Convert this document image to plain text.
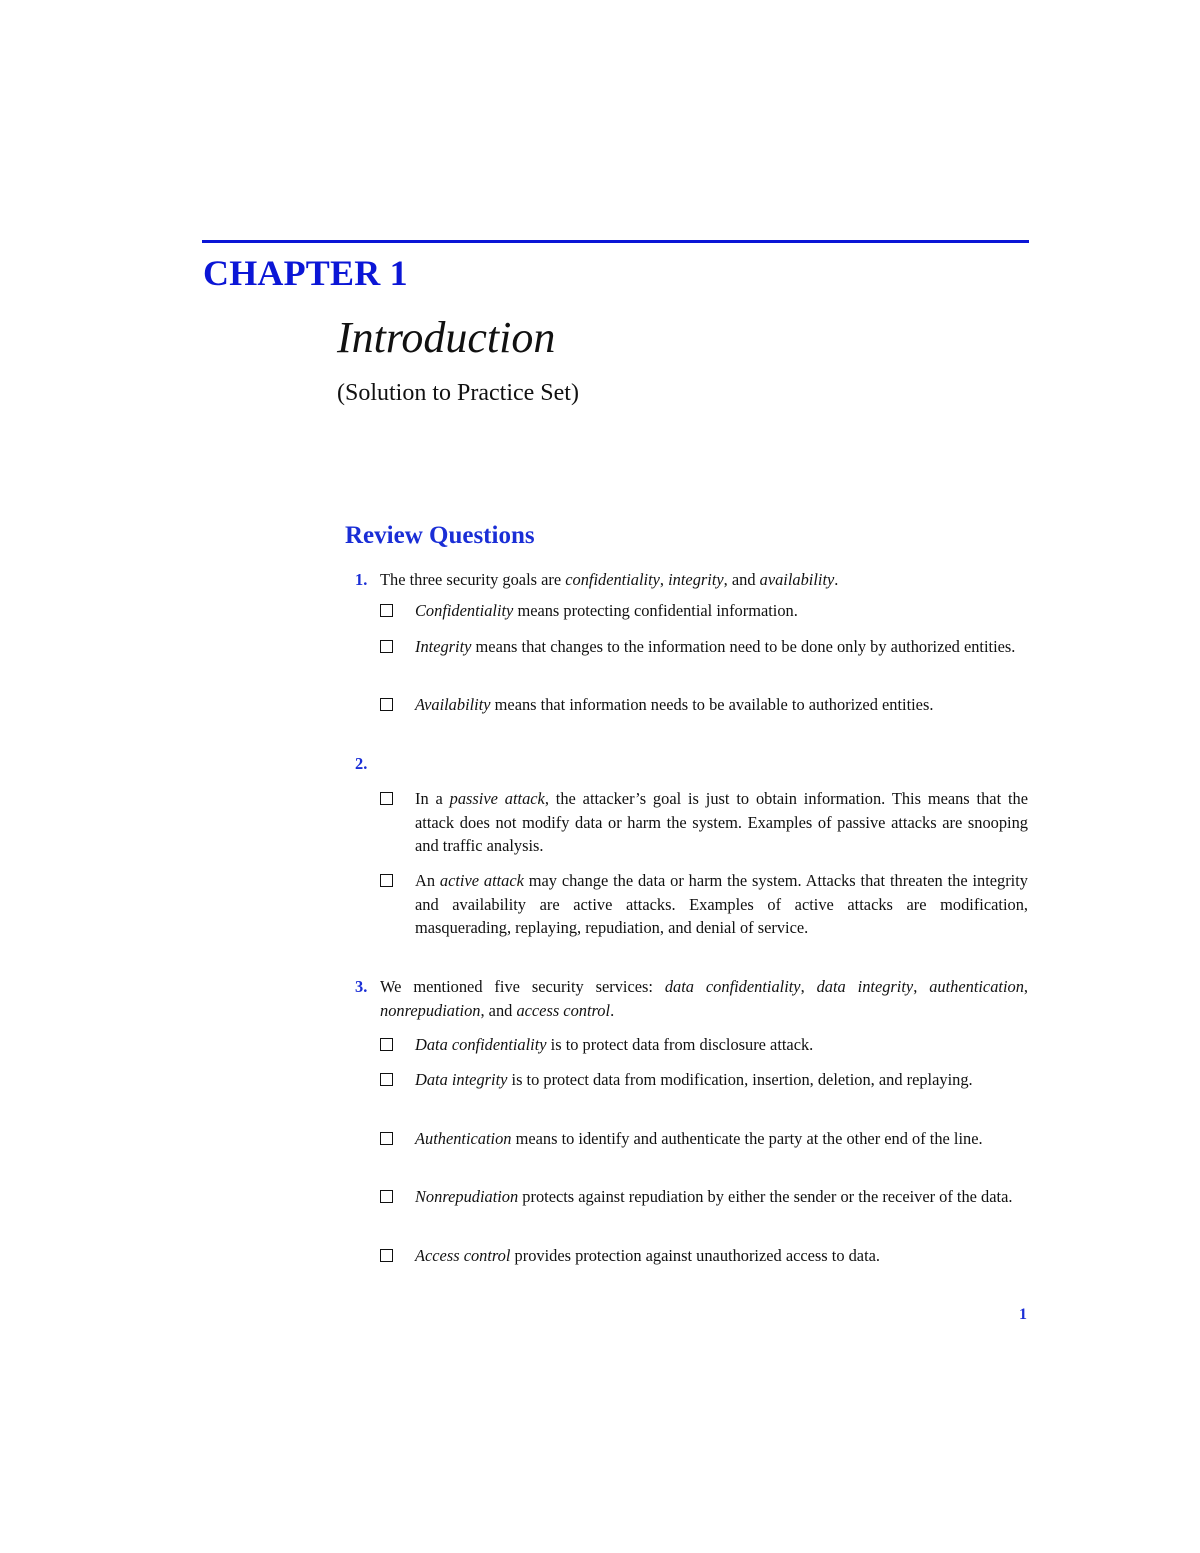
CHAPTER 1
Introduction
(Solution to Practice Set)
Review Questions
1. The three security goals are confidentiality, integrity, and availability.
Confidentiality means protecting confidential information.
Integrity means that changes to the information need to be done only by authorized entities.
Availability means that information needs to be available to authorized entities.
2.
In a passive attack, the attacker’s goal is just to obtain information. This means that the attack does not modify data or harm the system. Examples of passive attacks are snooping and traffic analysis.
An active attack may change the data or harm the system. Attacks that threaten the integrity and availability are active attacks. Examples of active attacks are modification, masquerading, replaying, repudiation, and denial of service.
3. We mentioned five security services: data confidentiality, data integrity, authentication, nonrepudiation, and access control.
Data confidentiality is to protect data from disclosure attack.
Data integrity is to protect data from modification, insertion, deletion, and replaying.
Authentication means to identify and authenticate the party at the other end of the line.
Nonrepudiation protects against repudiation by either the sender or the receiver of the data.
Access control provides protection against unauthorized access to data.
1
